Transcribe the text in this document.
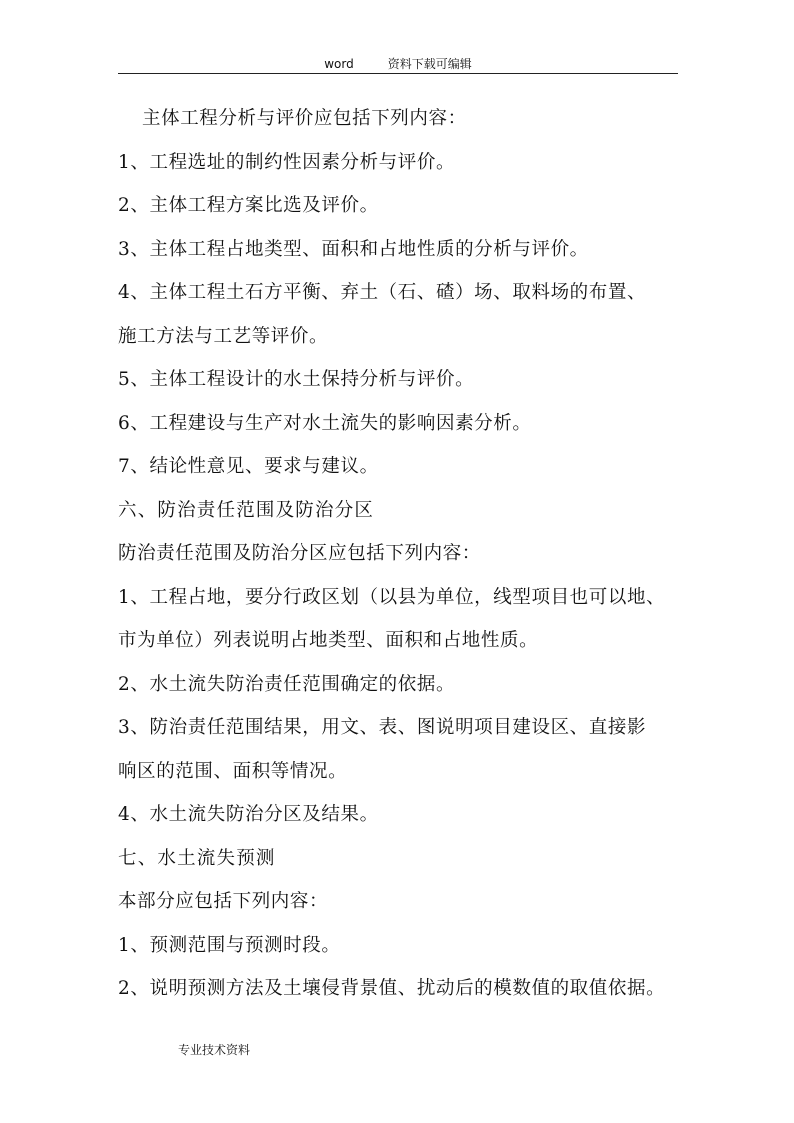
word	资料下载可编辑
主体工程分析与评价应包括下列内容：
1、工程选址的制约性因素分析与评价。
2、主体工程方案比选及评价。
3、主体工程占地类型、面积和占地性质的分析与评价。
4、主体工程土石方平衡、弃土（石、碴）场、取料场的布置、
施工方法与工艺等评价。
5、主体工程设计的水土保持分析与评价。
6、工程建设与生产对水土流失的影响因素分析。
7、结论性意见、要求与建议。
六、防治责任范围及防治分区
防治责任范围及防治分区应包括下列内容：
1、工程占地，要分行政区划（以县为单位，线型项目也可以地、
市为单位）列表说明占地类型、面积和占地性质。
2、水土流失防治责任范围确定的依据。
3、防治责任范围结果，用文、表、图说明项目建设区、直接影
响区的范围、面积等情况。
4、水土流失防治分区及结果。
七、水土流失预测
本部分应包括下列内容：
1、预测范围与预测时段。
2、说明预测方法及土壤侵背景值、扰动后的模数值的取值依据。
专业技术资料
